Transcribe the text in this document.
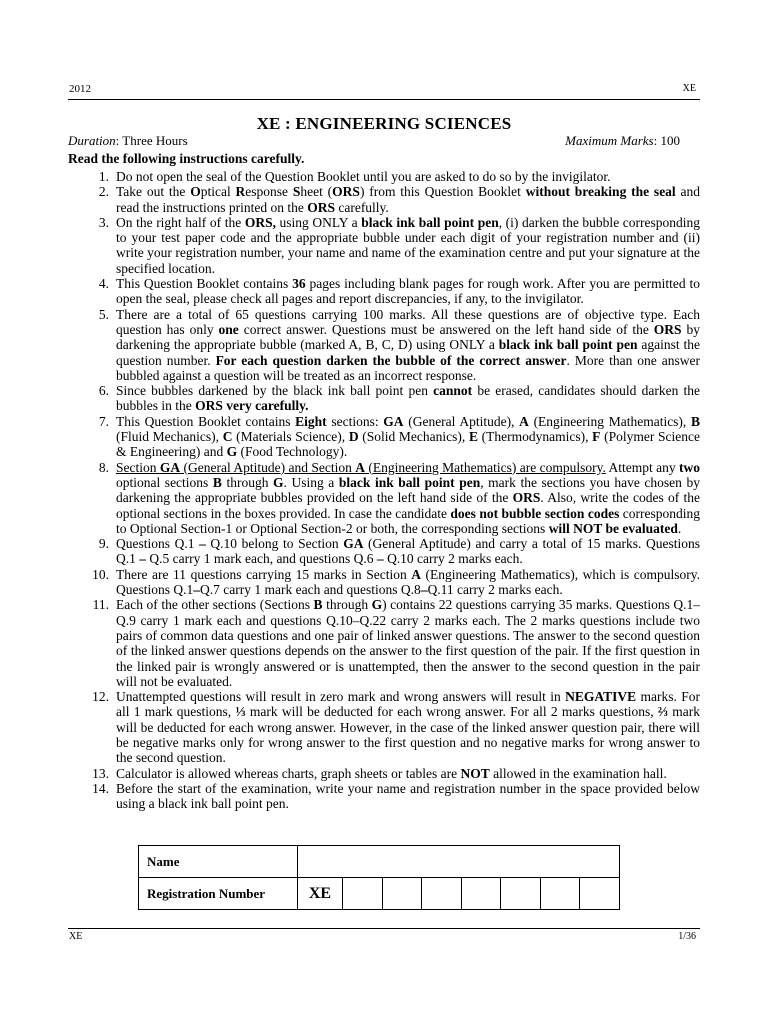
2012	XE
XE : ENGINEERING SCIENCES
Duration: Three Hours	Maximum Marks: 100
Read the following instructions carefully.
1. Do not open the seal of the Question Booklet until you are asked to do so by the invigilator.
2. Take out the Optical Response Sheet (ORS) from this Question Booklet without breaking the seal and read the instructions printed on the ORS carefully.
3. On the right half of the ORS, using ONLY a black ink ball point pen, (i) darken the bubble corresponding to your test paper code and the appropriate bubble under each digit of your registration number and (ii) write your registration number, your name and name of the examination centre and put your signature at the specified location.
4. This Question Booklet contains 36 pages including blank pages for rough work. After you are permitted to open the seal, please check all pages and report discrepancies, if any, to the invigilator.
5. There are a total of 65 questions carrying 100 marks. All these questions are of objective type. Each question has only one correct answer. Questions must be answered on the left hand side of the ORS by darkening the appropriate bubble (marked A, B, C, D) using ONLY a black ink ball point pen against the question number. For each question darken the bubble of the correct answer. More than one answer bubbled against a question will be treated as an incorrect response.
6. Since bubbles darkened by the black ink ball point pen cannot be erased, candidates should darken the bubbles in the ORS very carefully.
7. This Question Booklet contains Eight sections: GA (General Aptitude), A (Engineering Mathematics), B (Fluid Mechanics), C (Materials Science), D (Solid Mechanics), E (Thermodynamics), F (Polymer Science & Engineering) and G (Food Technology).
8. Section GA (General Aptitude) and Section A (Engineering Mathematics) are compulsory. Attempt any two optional sections B through G. Using a black ink ball point pen, mark the sections you have chosen by darkening the appropriate bubbles provided on the left hand side of the ORS. Also, write the codes of the optional sections in the boxes provided. In case the candidate does not bubble section codes corresponding to Optional Section-1 or Optional Section-2 or both, the corresponding sections will NOT be evaluated.
9. Questions Q.1 – Q.10 belong to Section GA (General Aptitude) and carry a total of 15 marks. Questions Q.1 – Q.5 carry 1 mark each, and questions Q.6 – Q.10 carry 2 marks each.
10. There are 11 questions carrying 15 marks in Section A (Engineering Mathematics), which is compulsory. Questions Q.1–Q.7 carry 1 mark each and questions Q.8–Q.11 carry 2 marks each.
11. Each of the other sections (Sections B through G) contains 22 questions carrying 35 marks. Questions Q.1–Q.9 carry 1 mark each and questions Q.10–Q.22 carry 2 marks each. The 2 marks questions include two pairs of common data questions and one pair of linked answer questions. The answer to the second question of the linked answer questions depends on the answer to the first question of the pair. If the first question in the linked pair is wrongly answered or is unattempted, then the answer to the second question in the pair will not be evaluated.
12. Unattempted questions will result in zero mark and wrong answers will result in NEGATIVE marks. For all 1 mark questions, ⅓ mark will be deducted for each wrong answer. For all 2 marks questions, ⅔ mark will be deducted for each wrong answer. However, in the case of the linked answer question pair, there will be negative marks only for wrong answer to the first question and no negative marks for wrong answer to the second question.
13. Calculator is allowed whereas charts, graph sheets or tables are NOT allowed in the examination hall.
14. Before the start of the examination, write your name and registration number in the space provided below using a black ink ball point pen.
Name								
Registration Number	XE							
XE	1/36
